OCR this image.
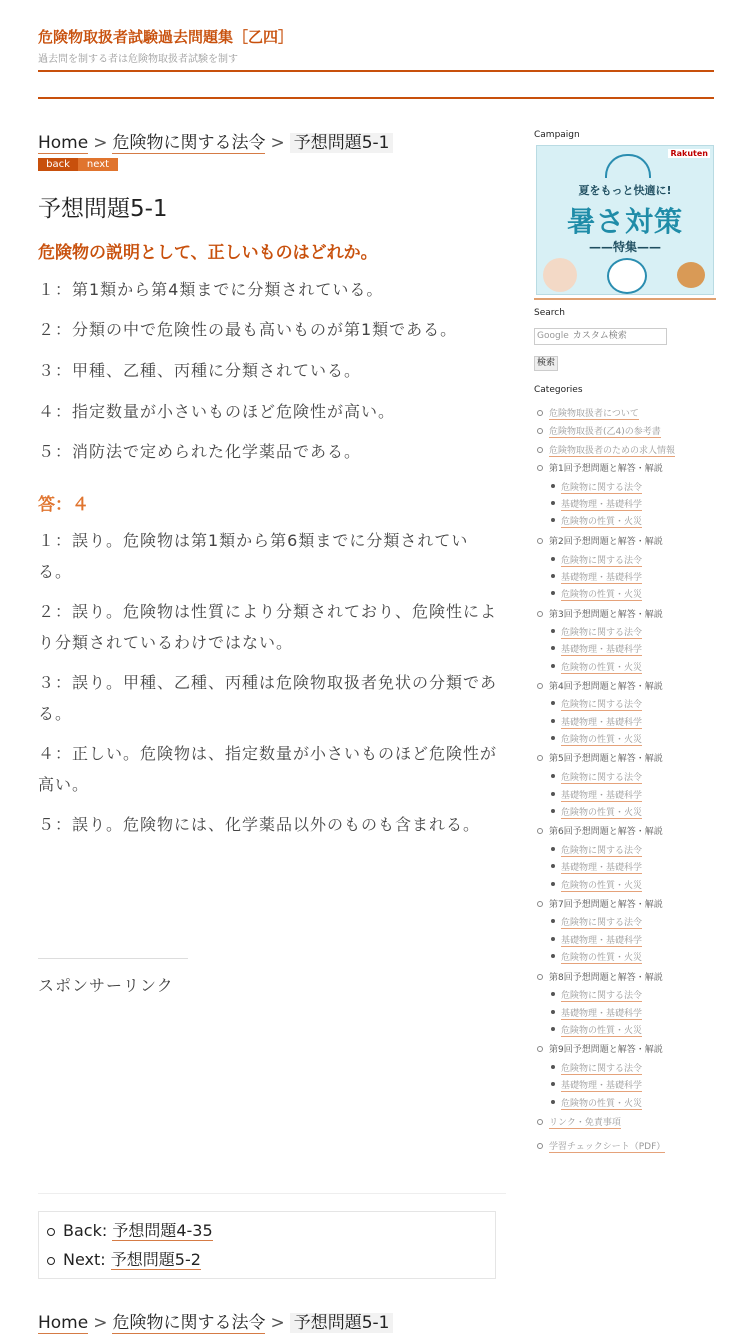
危険物取扱者試験過去問題集［乙四］
過去問を制する者は危険物取扱者試験を制す
Home > 危険物に関する法令 > 予想問題5-1
back	next
予想問題5-1
危険物の説明として、正しいものはどれか。
１：第1類から第4類までに分類されている。
２：分類の中で危険性の最も高いものが第1類である。
３：甲種、乙種、丙種に分類されている。
４：指定数量が小さいものほど危険性が高い。
５：消防法で定められた化学薬品である。
答：４
１：誤り。危険物は第1類から第6類までに分類されている。
２：誤り。危険物は性質により分類されており、危険性により分類されているわけではない。
３：誤り。甲種、乙種、丙種は危険物取扱者免状の分類である。
４：正しい。危険物は、指定数量が小さいものほど危険性が高い。
５：誤り。危険物には、化学薬品以外のものも含まれる。
スポンサーリンク
Back: 予想問題4-35
Next: 予想問題5-2
Home > 危険物に関する法令 > 予想問題5-1
Campaign
Rakuten
夏をもっと快適に!
暑さ対策
——特集——
Search
Google カスタム検索
検索
Categories
危険物取扱者について
危険物取扱者(乙4)の参考書
危険物取扱者のための求人情報
第1回予想問題と解答・解説
危険物に関する法令
基礎物理・基礎科学
危険物の性質・火災
第2回予想問題と解答・解説
危険物に関する法令
基礎物理・基礎科学
危険物の性質・火災
第3回予想問題と解答・解説
危険物に関する法令
基礎物理・基礎科学
危険物の性質・火災
第4回予想問題と解答・解説
危険物に関する法令
基礎物理・基礎科学
危険物の性質・火災
第5回予想問題と解答・解説
危険物に関する法令
基礎物理・基礎科学
危険物の性質・火災
第6回予想問題と解答・解説
危険物に関する法令
基礎物理・基礎科学
危険物の性質・火災
第7回予想問題と解答・解説
危険物に関する法令
基礎物理・基礎科学
危険物の性質・火災
第8回予想問題と解答・解説
危険物に関する法令
基礎物理・基礎科学
危険物の性質・火災
第9回予想問題と解答・解説
危険物に関する法令
基礎物理・基礎科学
危険物の性質・火災
リンク・免責事項
学習チェックシート（PDF）
